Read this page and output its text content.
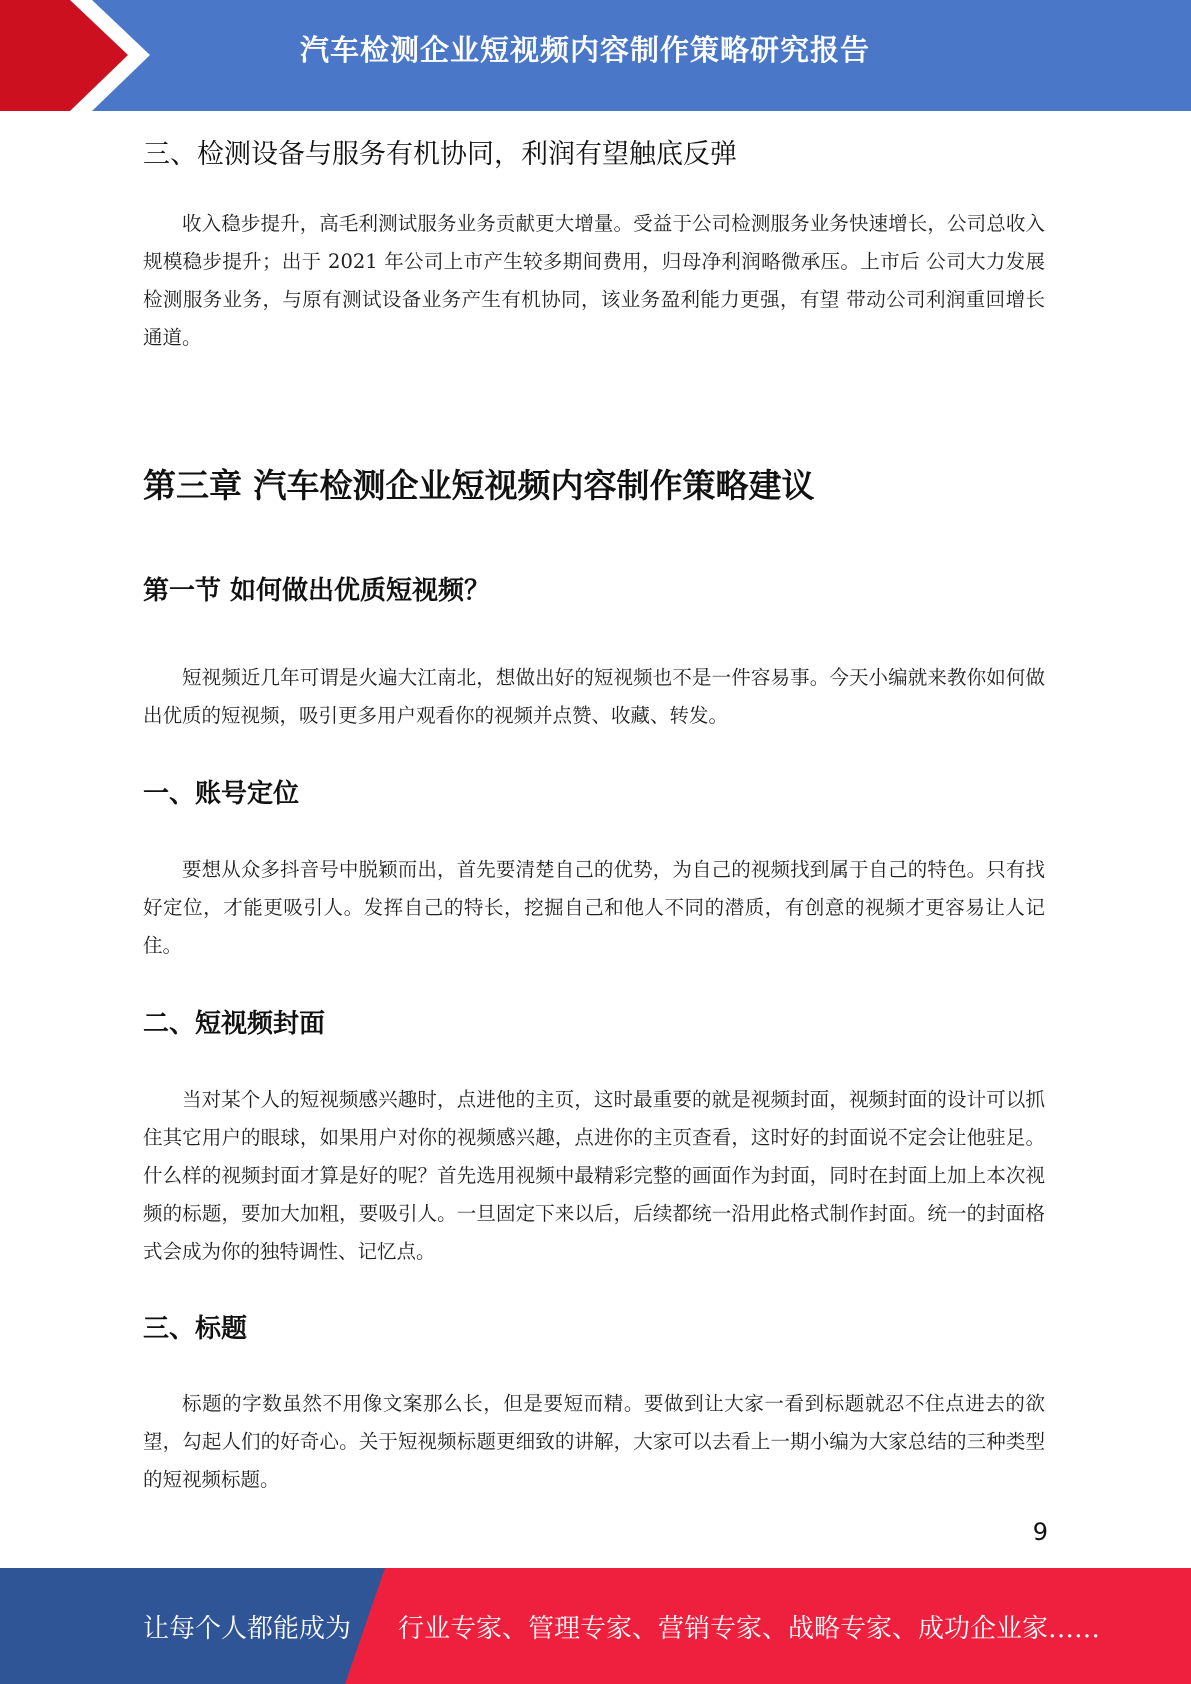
汽车检测企业短视频内容制作策略研究报告
三、检测设备与服务有机协同，利润有望触底反弹
收入稳步提升，高毛利测试服务业务贡献更大增量。受益于公司检测服务业务快速增长，公司总收入规模稳步提升；出于 2021 年公司上市产生较多期间费用，归母净利润略微承压。上市后 公司大力发展检测服务业务，与原有测试设备业务产生有机协同，该业务盈利能力更强，有望 带动公司利润重回增长通道。
第三章 汽车检测企业短视频内容制作策略建议
第一节 如何做出优质短视频？
短视频近几年可谓是火遍大江南北，想做出好的短视频也不是一件容易事。今天小编就来教你如何做出优质的短视频，吸引更多用户观看你的视频并点赞、收藏、转发。
一、账号定位
要想从众多抖音号中脱颖而出，首先要清楚自己的优势，为自己的视频找到属于自己的特色。只有找好定位，才能更吸引人。发挥自己的特长，挖掘自己和他人不同的潜质，有创意的视频才更容易让人记住。
二、短视频封面
当对某个人的短视频感兴趣时，点进他的主页，这时最重要的就是视频封面，视频封面的设计可以抓住其它用户的眼球，如果用户对你的视频感兴趣，点进你的主页查看，这时好的封面说不定会让他驻足。什么样的视频封面才算是好的呢？首先选用视频中最精彩完整的画面作为封面，同时在封面上加上本次视频的标题，要加大加粗，要吸引人。一旦固定下来以后，后续都统一沿用此格式制作封面。统一的封面格式会成为你的独特调性、记忆点。
三、标题
标题的字数虽然不用像文案那么长，但是要短而精。要做到让大家一看到标题就忍不住点进去的欲望，勾起人们的好奇心。关于短视频标题更细致的讲解，大家可以去看上一期小编为大家总结的三种类型的短视频标题。
9
让每个人都能成为 行业专家、管理专家、营销专家、战略专家、成功企业家……
